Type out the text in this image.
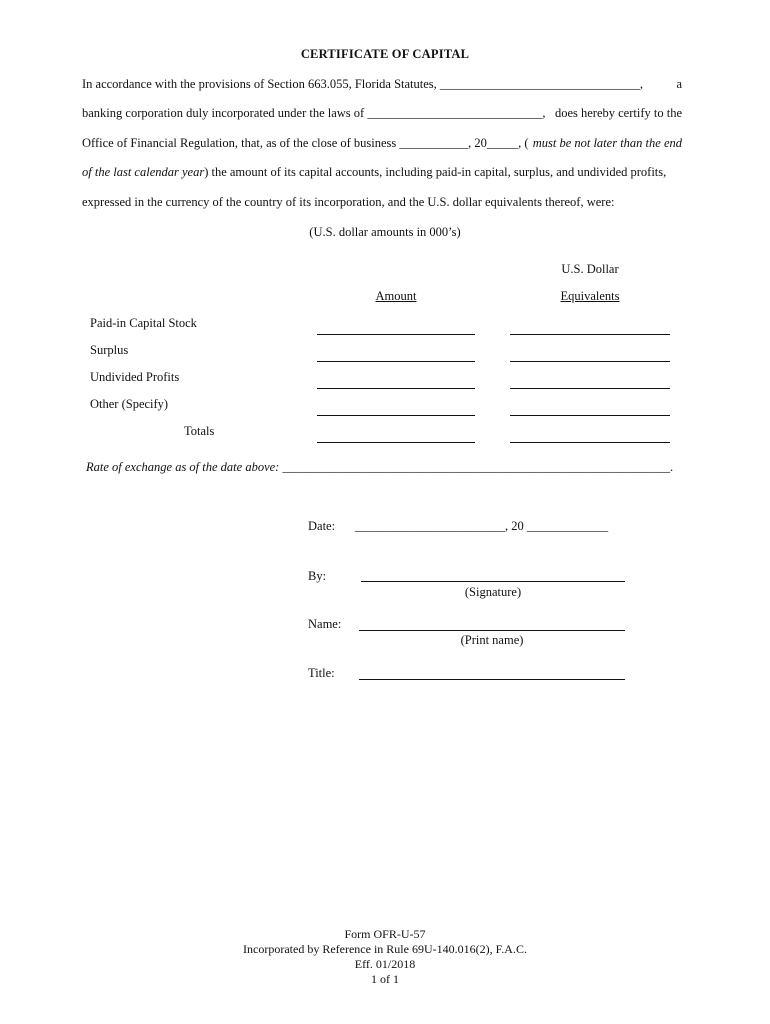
CERTIFICATE OF CAPITAL
In accordance with the provisions of Section 663.055, Florida Statutes, ________________________________, a
banking corporation duly incorporated under the laws of ____________________________, does hereby certify to the
Office of Financial Regulation, that, as of the close of business ___________, 20_____, ( must be not later than the end
of the last calendar year) the amount of its capital accounts, including paid-in capital, surplus, and undivided profits,
expressed in the currency of the country of its incorporation, and the U.S. dollar equivalents thereof, were:
(U.S. dollar amounts in 000’s)
U.S. Dollar
Amount	Equivalents
Paid-in Capital Stock
Surplus
Undivided Profits
Other (Specify)
Totals
Rate of exchange as of the date above: ______________________________________________________________.
Date: ________________________, 20 _____________
By:
(Signature)
Name:
(Print name)
Title:
Form OFR-U-57
Incorporated by Reference in Rule 69U-140.016(2), F.A.C.
Eff. 01/2018
1 of 1
